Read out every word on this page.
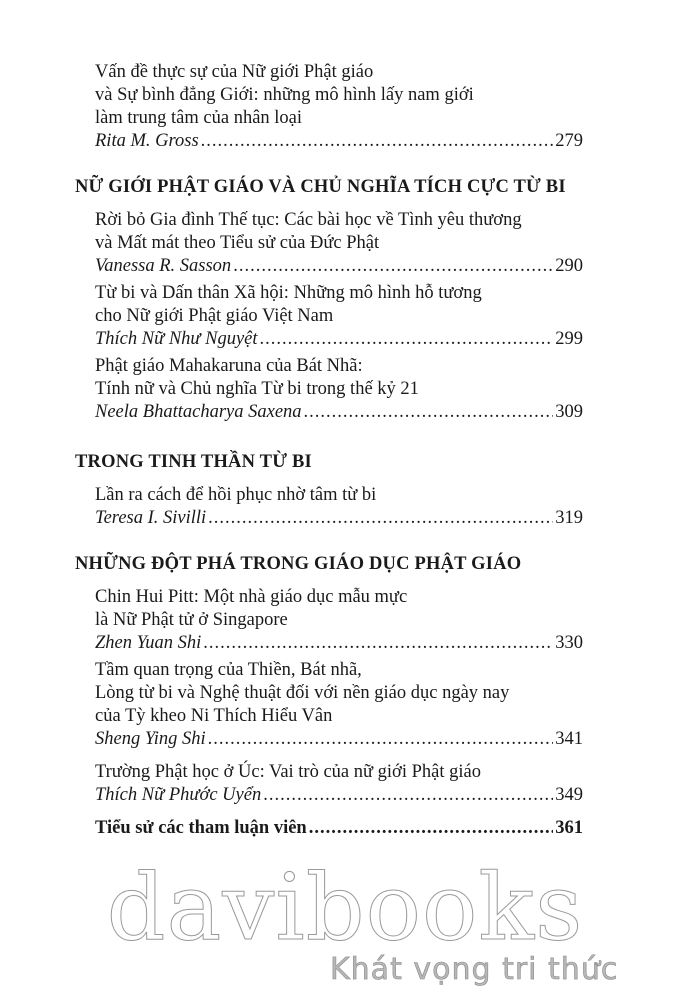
Vấn đề thực sự của Nữ giới Phật giáo
và Sự bình đẳng Giới: những mô hình lấy nam giới
làm trung tâm của nhân loại
Rita M. Gross .....	279
NỮ GIỚI PHẬT GIÁO VÀ CHỦ NGHĨA TÍCH CỰC TỪ BI
Rời bỏ Gia đình Thế tục: Các bài học về Tình yêu thương
và Mất mát theo Tiểu sử của Đức Phật
Vanessa R. Sasson .....	290
Từ bi và Dấn thân Xã hội: Những mô hình hỗ tương
cho Nữ giới Phật giáo Việt Nam
Thích Nữ Như Nguyệt .....	299
Phật giáo Mahakaruna của Bát Nhã:
Tính nữ và Chủ nghĩa Từ bi trong thế kỷ 21
Neela Bhattacharya Saxena .....	309
TRONG TINH THẦN TỪ BI
Lần ra cách để hồi phục nhờ tâm từ bi
Teresa I. Sivilli .....	319
NHỮNG ĐỘT PHÁ TRONG GIÁO DỤC PHẬT GIÁO
Chin Hui Pitt: Một nhà giáo dục mẫu mực
là Nữ Phật tử ở Singapore
Zhen Yuan Shi .....	330
Tầm quan trọng của Thiền, Bát nhã,
Lòng từ bi và Nghệ thuật đối với nền giáo dục ngày nay
của Tỳ kheo Ni Thích Hiểu Vân
Sheng Ying Shi .....	341
Trường Phật học ở Úc: Vai trò của nữ giới Phật giáo
Thích Nữ Phước Uyển .....	349
Tiểu sử các tham luận viên .....	361
davibooks
Khát vọng tri thức
